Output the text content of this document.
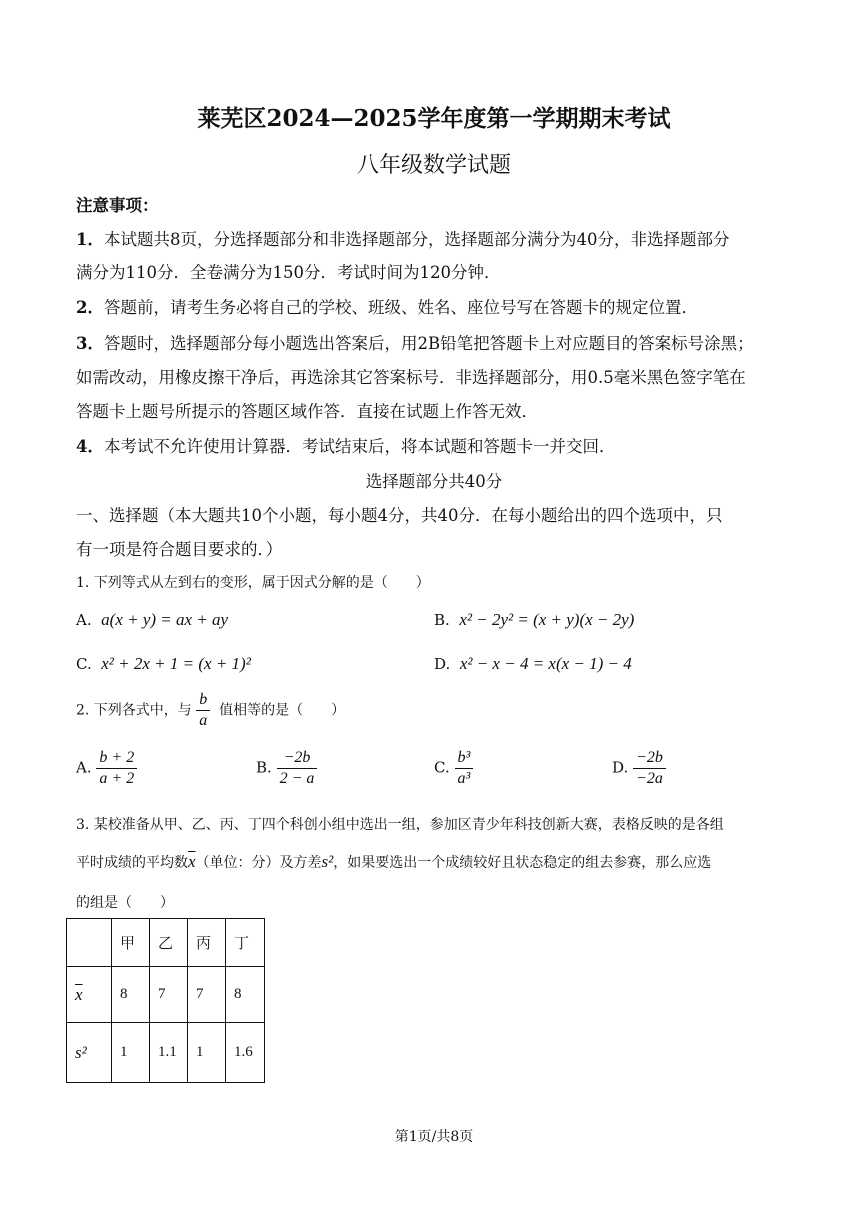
莱芜区2024—2025学年度第一学期期末考试
八年级数学试题
注意事项：
1．本试题共8页，分选择题部分和非选择题部分，选择题部分满分为40分，非选择题部分
满分为110分．全卷满分为150分．考试时间为120分钟．
2．答题前，请考生务必将自己的学校、班级、姓名、座位号写在答题卡的规定位置．
3．答题时，选择题部分每小题选出答案后，用2B铅笔把答题卡上对应题目的答案标号涂黑；
如需改动，用橡皮擦干净后，再选涂其它答案标号．非选择题部分，用0.5毫米黑色签字笔在
答题卡上题号所提示的答题区域作答．直接在试题上作答无效．
4．本考试不允许使用计算器．考试结束后，将本试题和答题卡一并交回．
选择题部分共40分
一、选择题（本大题共10个小题，每小题4分，共40分．在每小题给出的四个选项中，只
有一项是符合题目要求的．）
1. 下列等式从左到右的变形，属于因式分解的是（　　）
A. a(x + y) = ax + ay	B. x² − 2y² = (x + y)(x − 2y)
C. x² + 2x + 1 = (x + 1)²	D. x² − x − 4 = x(x − 1) − 4
2. 下列各式中，与 $\frac{b}{a}$ 值相等的是（　　）
A. $\frac{b + 2}{a + 2}$	B. $\frac{-2b}{2 - a}$	C. $\frac{\text{b³}}{\text{a³}}$	D. $\frac{-2b}{-2a}$
3. 某校准备从甲、乙、丙、丁四个科创小组中选出一组，参加区青少年科技创新大赛，表格反映的是各组
平时成绩的平均数$\overline{x}$（单位：分）及方差s²，如果要选出一个成绩较好且状态稳定的组去参赛，那么应选
的组是（　　）
	甲	乙	丙	丁
$\overline{x}$	8	7	7	8
s²	1	1.1	1	1.6
第1页/共8页
